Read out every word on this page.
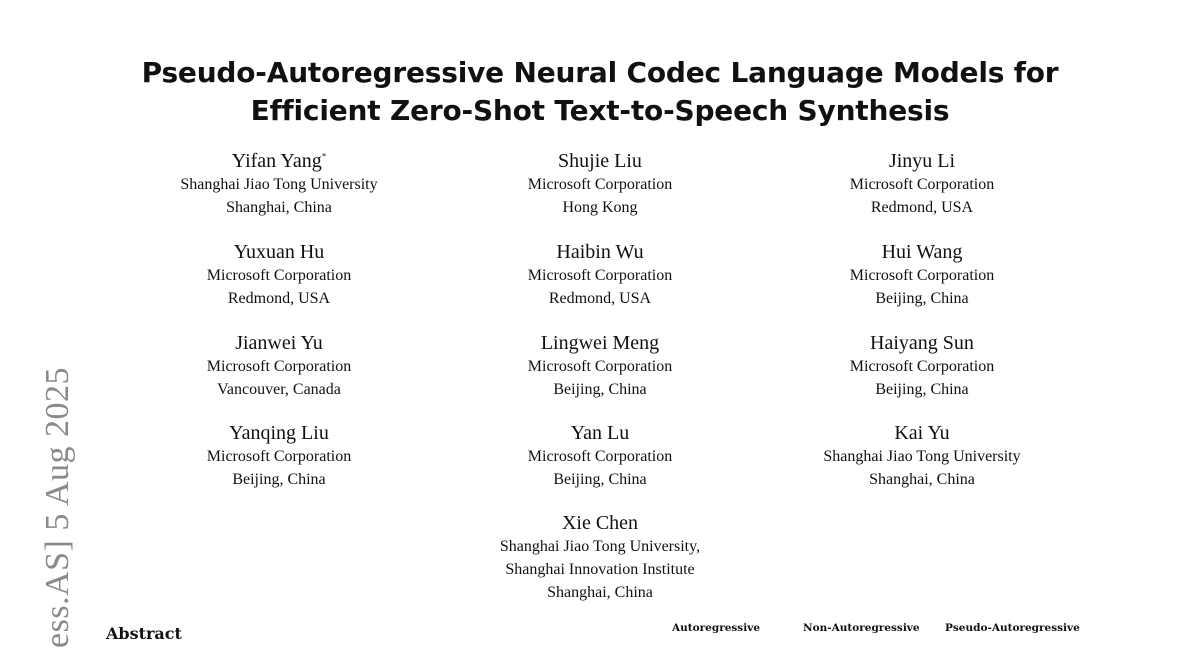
ess.AS] 5 Aug 2025
Pseudo-Autoregressive Neural Codec Language Models for
Efficient Zero-Shot Text-to-Speech Synthesis
Yifan Yang*
Shanghai Jiao Tong University
Shanghai, China
Shujie Liu
Microsoft Corporation
Hong Kong
Jinyu Li
Microsoft Corporation
Redmond, USA
Yuxuan Hu
Microsoft Corporation
Redmond, USA
Haibin Wu
Microsoft Corporation
Redmond, USA
Hui Wang
Microsoft Corporation
Beijing, China
Jianwei Yu
Microsoft Corporation
Vancouver, Canada
Lingwei Meng
Microsoft Corporation
Beijing, China
Haiyang Sun
Microsoft Corporation
Beijing, China
Yanqing Liu
Microsoft Corporation
Beijing, China
Yan Lu
Microsoft Corporation
Beijing, China
Kai Yu
Shanghai Jiao Tong University
Shanghai, China
Xie Chen
Shanghai Jiao Tong University,
Shanghai Innovation Institute
Shanghai, China
Abstract	Autoregressive	Non-Autoregressive Pseudo-Autoregressive
